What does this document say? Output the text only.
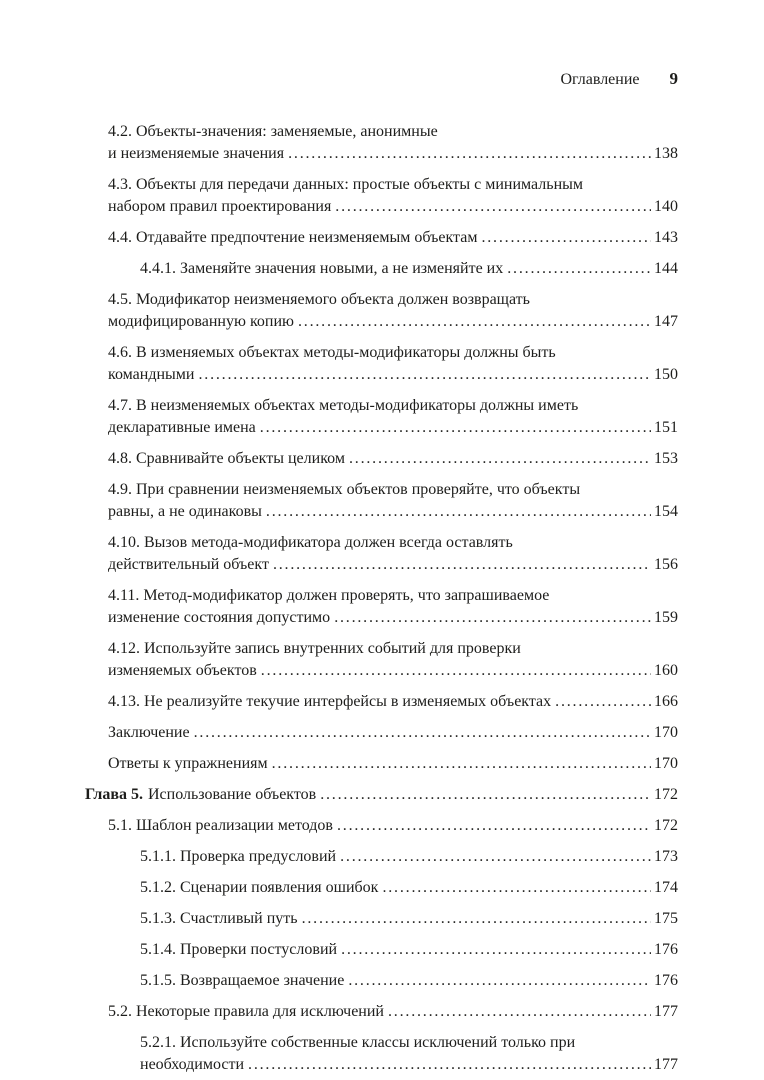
Оглавление 9
4.2. Объекты-значения: заменяемые, анонимные
и неизменяемые значения .....	138
4.3. Объекты для передачи данных: простые объекты с минимальным
набором правил проектирования .....	140
4.4. Отдавайте предпочтение неизменяемым объектам .....	143
4.4.1. Заменяйте значения новыми, а не изменяйте их .....	144
4.5. Модификатор неизменяемого объекта должен возвращать
модифицированную копию .....	147
4.6. В изменяемых объектах методы-модификаторы должны быть
командными .....	150
4.7. В неизменяемых объектах методы-модификаторы должны иметь
декларативные имена .....	151
4.8. Сравнивайте объекты целиком .....	153
4.9. При сравнении неизменяемых объектов проверяйте, что объекты
равны, а не одинаковы .....	154
4.10. Вызов метода-модификатора должен всегда оставлять
действительный объект .....	156
4.11. Метод-модификатор должен проверять, что запрашиваемое
изменение состояния допустимо .....	159
4.12. Используйте запись внутренних событий для проверки
изменяемых объектов .....	160
4.13. Не реализуйте текучие интерфейсы в изменяемых объектах .....	166
Заключение .....	170
Ответы к упражнениям .....	170
Глава 5. Использование объектов .....	172
5.1. Шаблон реализации методов .....	172
5.1.1. Проверка предусловий .....	173
5.1.2. Сценарии появления ошибок .....	174
5.1.3. Счастливый путь .....	175
5.1.4. Проверки постусловий .....	176
5.1.5. Возвращаемое значение .....	176
5.2. Некоторые правила для исключений .....	177
5.2.1. Используйте собственные классы исключений только при
необходимости .....	177
